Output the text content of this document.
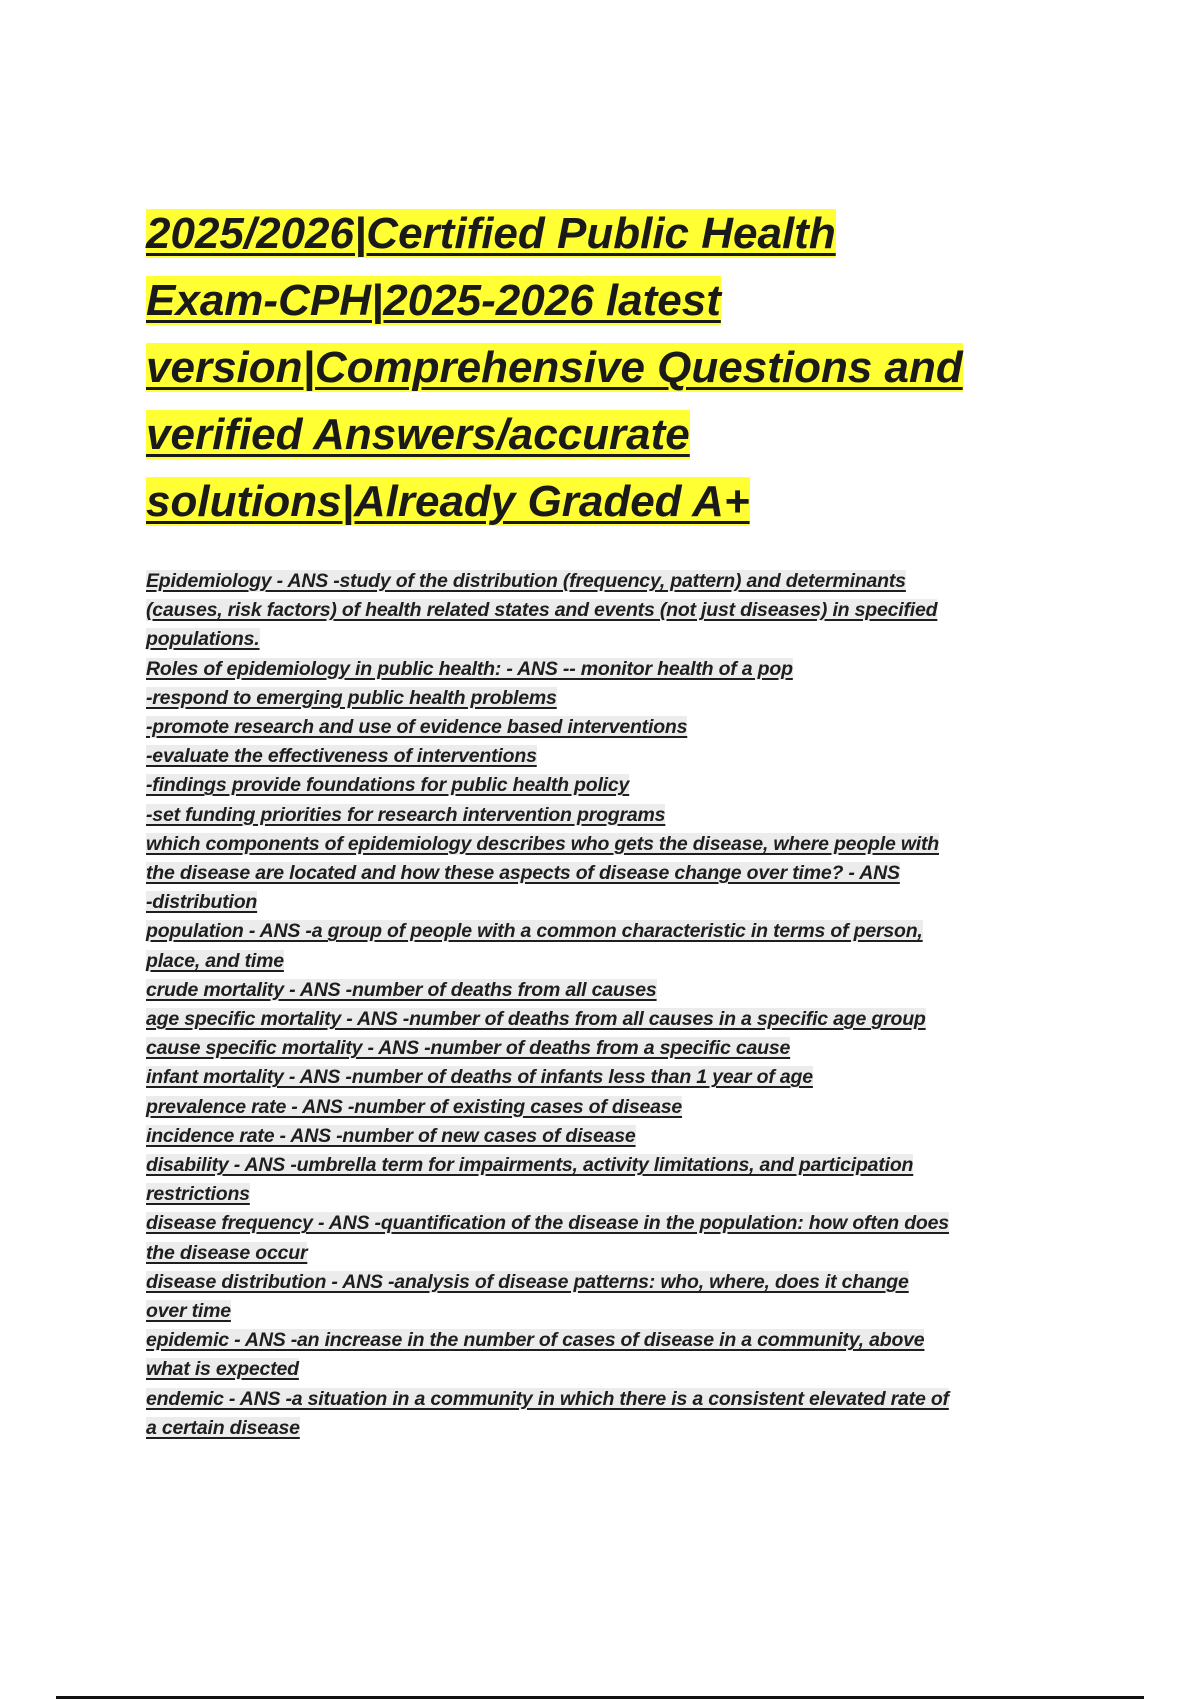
2025/2026|Certified Public Health
Exam-CPH|2025-2026 latest
version|Comprehensive Questions and
verified Answers/accurate
solutions|Already Graded A+
Epidemiology - ANS -study of the distribution (frequency, pattern) and determinants
(causes, risk factors) of health related states and events (not just diseases) in specified
populations.
Roles of epidemiology in public health: - ANS -- monitor health of a pop
-respond to emerging public health problems
-promote research and use of evidence based interventions
-evaluate the effectiveness of interventions
-findings provide foundations for public health policy
-set funding priorities for research intervention programs
which components of epidemiology describes who gets the disease, where people with
the disease are located and how these aspects of disease change over time? - ANS
-distribution
population - ANS -a group of people with a common characteristic in terms of person,
place, and time
crude mortality - ANS -number of deaths from all causes
age specific mortality - ANS -number of deaths from all causes in a specific age group
cause specific mortality - ANS -number of deaths from a specific cause
infant mortality - ANS -number of deaths of infants less than 1 year of age
prevalence rate - ANS -number of existing cases of disease
incidence rate - ANS -number of new cases of disease
disability - ANS -umbrella term for impairments, activity limitations, and participation
restrictions
disease frequency - ANS -quantification of the disease in the population: how often does
the disease occur
disease distribution - ANS -analysis of disease patterns: who, where, does it change
over time
epidemic - ANS -an increase in the number of cases of disease in a community, above
what is expected
endemic - ANS -a situation in a community in which there is a consistent elevated rate of
a certain disease
